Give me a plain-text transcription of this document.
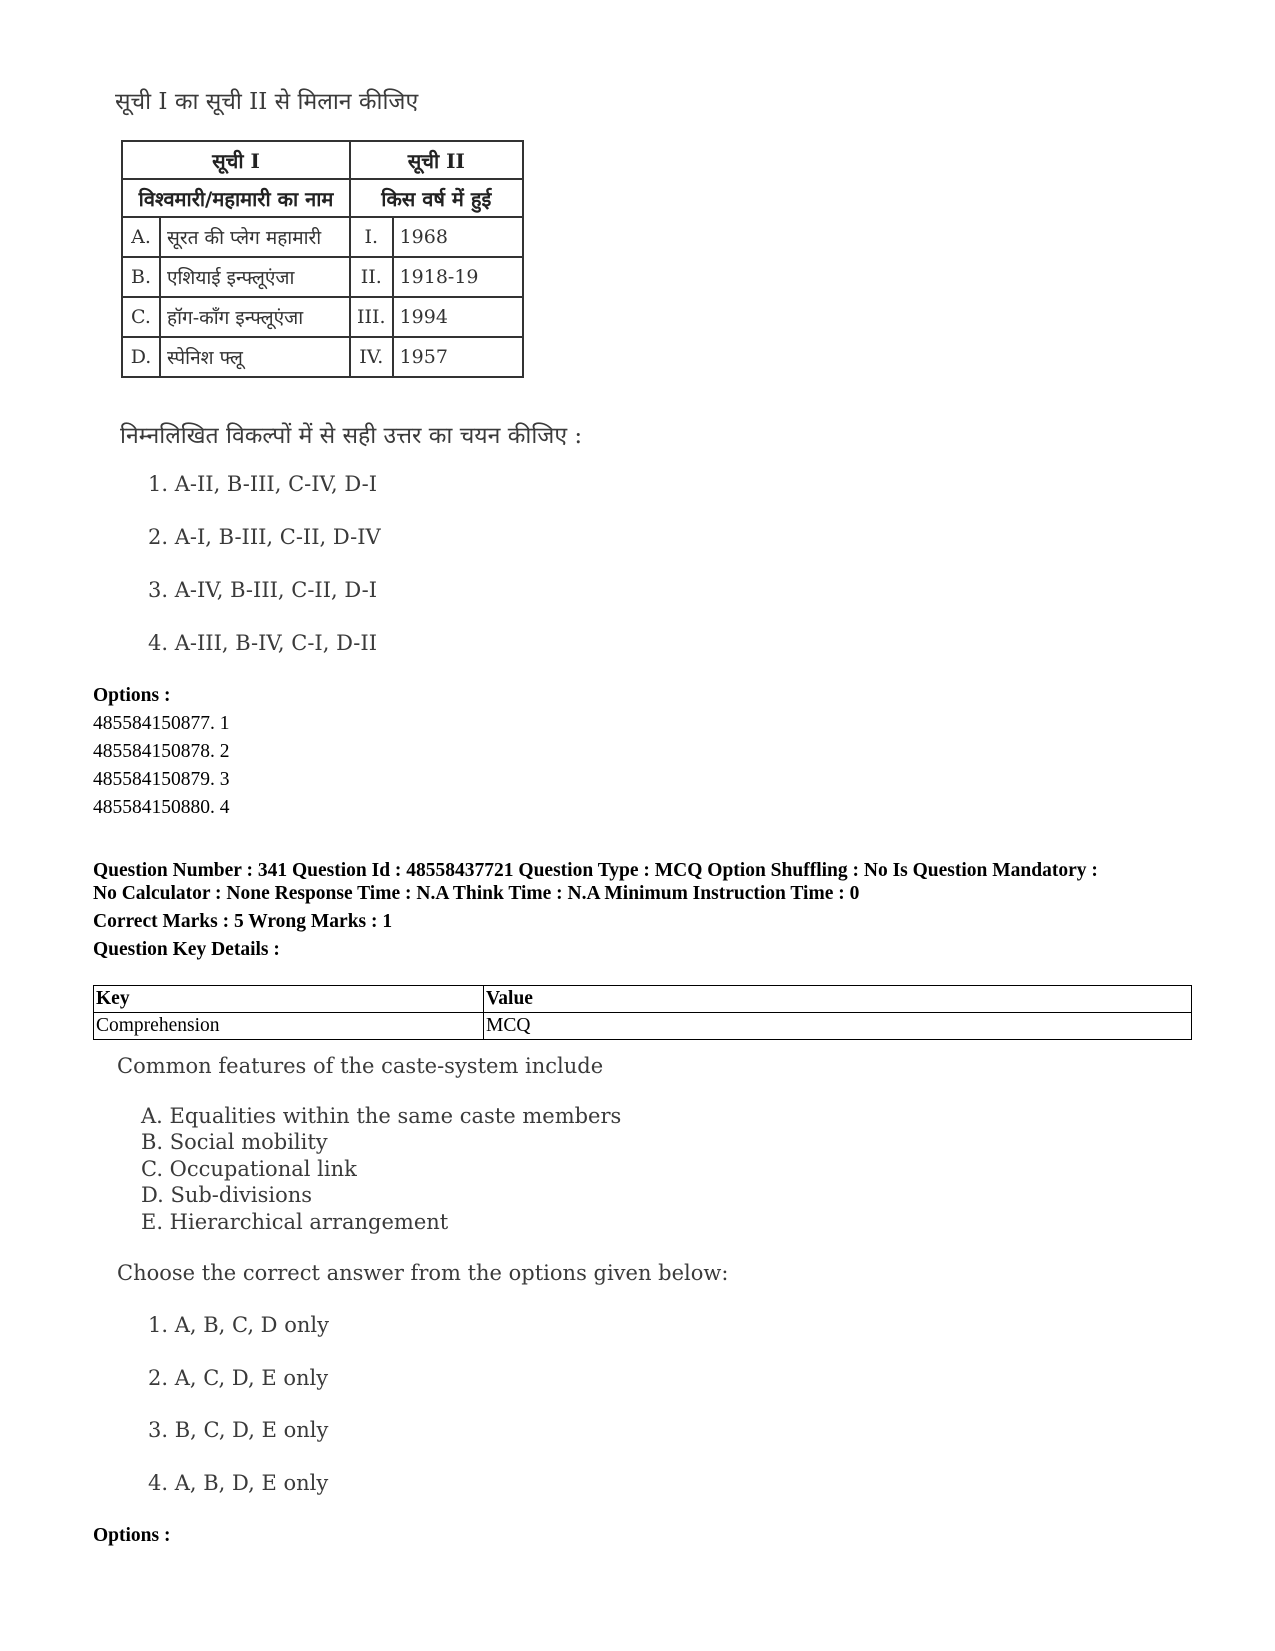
सूची I का सूची II से मिलान कीजिए
सूची I		सूची II	
विश्वमारी/महामारी का नाम		किस वर्ष में हुई	
A.	सूरत की प्लेग महामारी	I.	1968
B.	एशियाई इन्फ्लूएंजा	II.	1918-19
C.	हॉग-कॉंग इन्फ्लूएंजा	III.	1994
D.	स्पेनिश फ्लू	IV.	1957
निम्नलिखित विकल्पों में से सही उत्तर का चयन कीजिए :
1. A-II, B-III, C-IV, D-I
2. A-I, B-III, C-II, D-IV
3. A-IV, B-III, C-II, D-I
4. A-III, B-IV, C-I, D-II
Options :
485584150877. 1
485584150878. 2
485584150879. 3
485584150880. 4
Question Number : 341 Question Id : 48558437721 Question Type : MCQ Option Shuffling : No Is Question Mandatory :
No Calculator : None Response Time : N.A Think Time : N.A Minimum Instruction Time : 0
Correct Marks : 5 Wrong Marks : 1
Question Key Details :
Key	Value
Comprehension	MCQ
Common features of the caste-system include
A. Equalities within the same caste members
B. Social mobility
C. Occupational link
D. Sub-divisions
E. Hierarchical arrangement
Choose the correct answer from the options given below:
1. A, B, C, D only
2. A, C, D, E only
3. B, C, D, E only
4. A, B, D, E only
Options :
